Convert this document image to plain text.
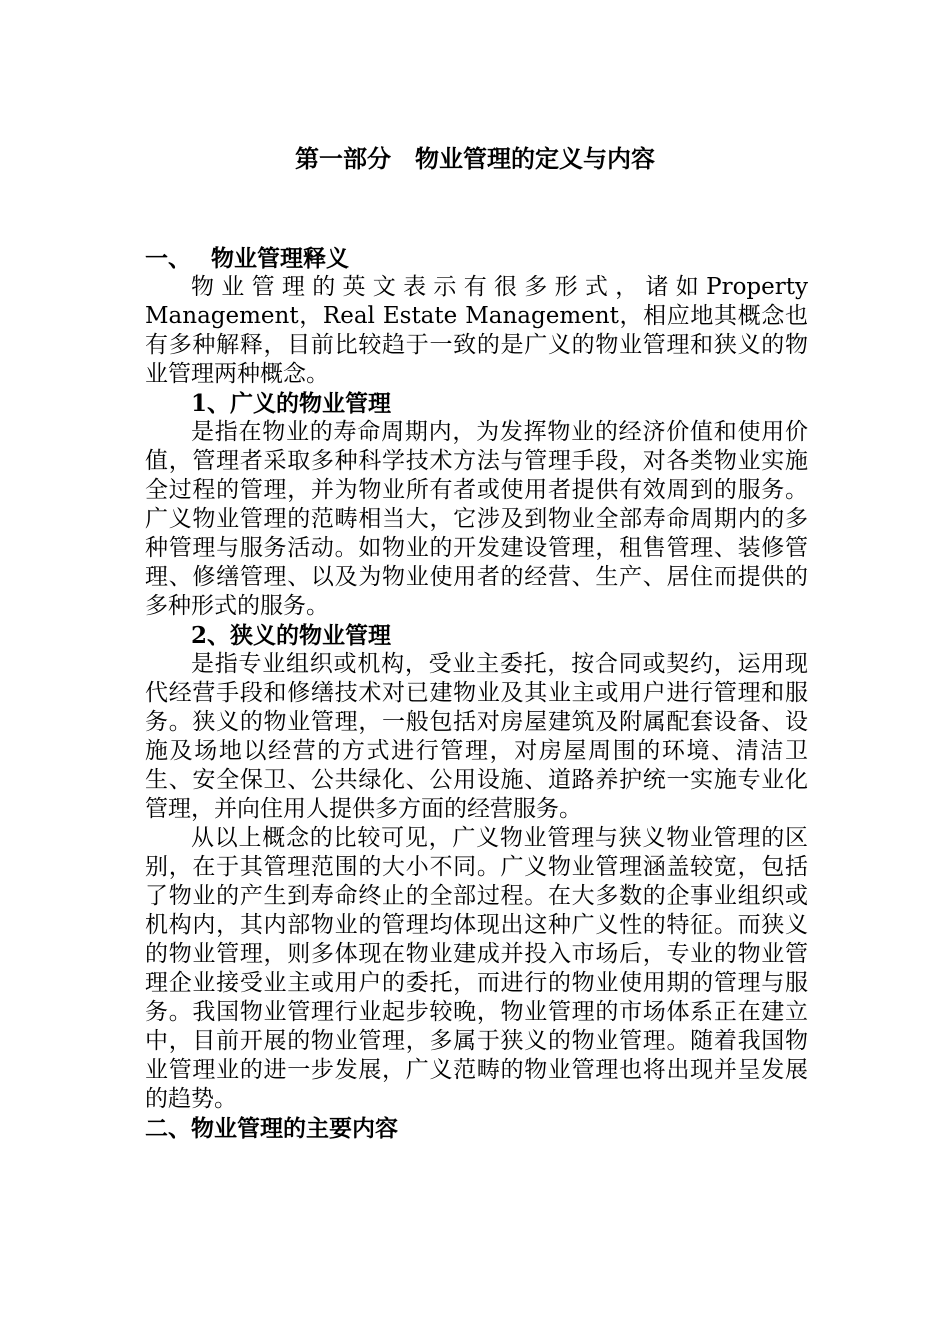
第一部分　物业管理的定义与内容
一、 物业管理释义

物业管理的英文表示有很多形式，诸如Property Management，Real Estate Management，相应地其概念也有多种解释，目前比较趋于一致的是广义的物业管理和狭义的物业管理两种概念。

1、广义的物业管理

是指在物业的寿命周期内，为发挥物业的经济价值和使用价值，管理者采取多种科学技术方法与管理手段，对各类物业实施全过程的管理，并为物业所有者或使用者提供有效周到的服务。广义物业管理的范畴相当大，它涉及到物业全部寿命周期内的多种管理与服务活动。如物业的开发建设管理，租售管理、装修管理、修缮管理、以及为物业使用者的经营、生产、居住而提供的多种形式的服务。

2、狭义的物业管理

是指专业组织或机构，受业主委托，按合同或契约，运用现代经营手段和修缮技术对已建物业及其业主或用户进行管理和服务。狭义的物业管理，一般包括对房屋建筑及附属配套设备、设施及场地以经营的方式进行管理，对房屋周围的环境、清洁卫生、安全保卫、公共绿化、公用设施、道路养护统一实施专业化管理，并向住用人提供多方面的经营服务。

从以上概念的比较可见，广义物业管理与狭义物业管理的区别，在于其管理范围的大小不同。广义物业管理涵盖较宽，包括了物业的产生到寿命终止的全部过程。在大多数的企事业组织或机构内，其内部物业的管理均体现出这种广义性的特征。而狭义的物业管理，则多体现在物业建成并投入市场后，专业的物业管理企业接受业主或用户的委托，而进行的物业使用期的管理与服务。我国物业管理行业起步较晚，物业管理的市场体系正在建立中，目前开展的物业管理，多属于狭义的物业管理。随着我国物业管理业的进一步发展，广义范畴的物业管理也将出现并呈发展的趋势。

二、物业管理的主要内容
